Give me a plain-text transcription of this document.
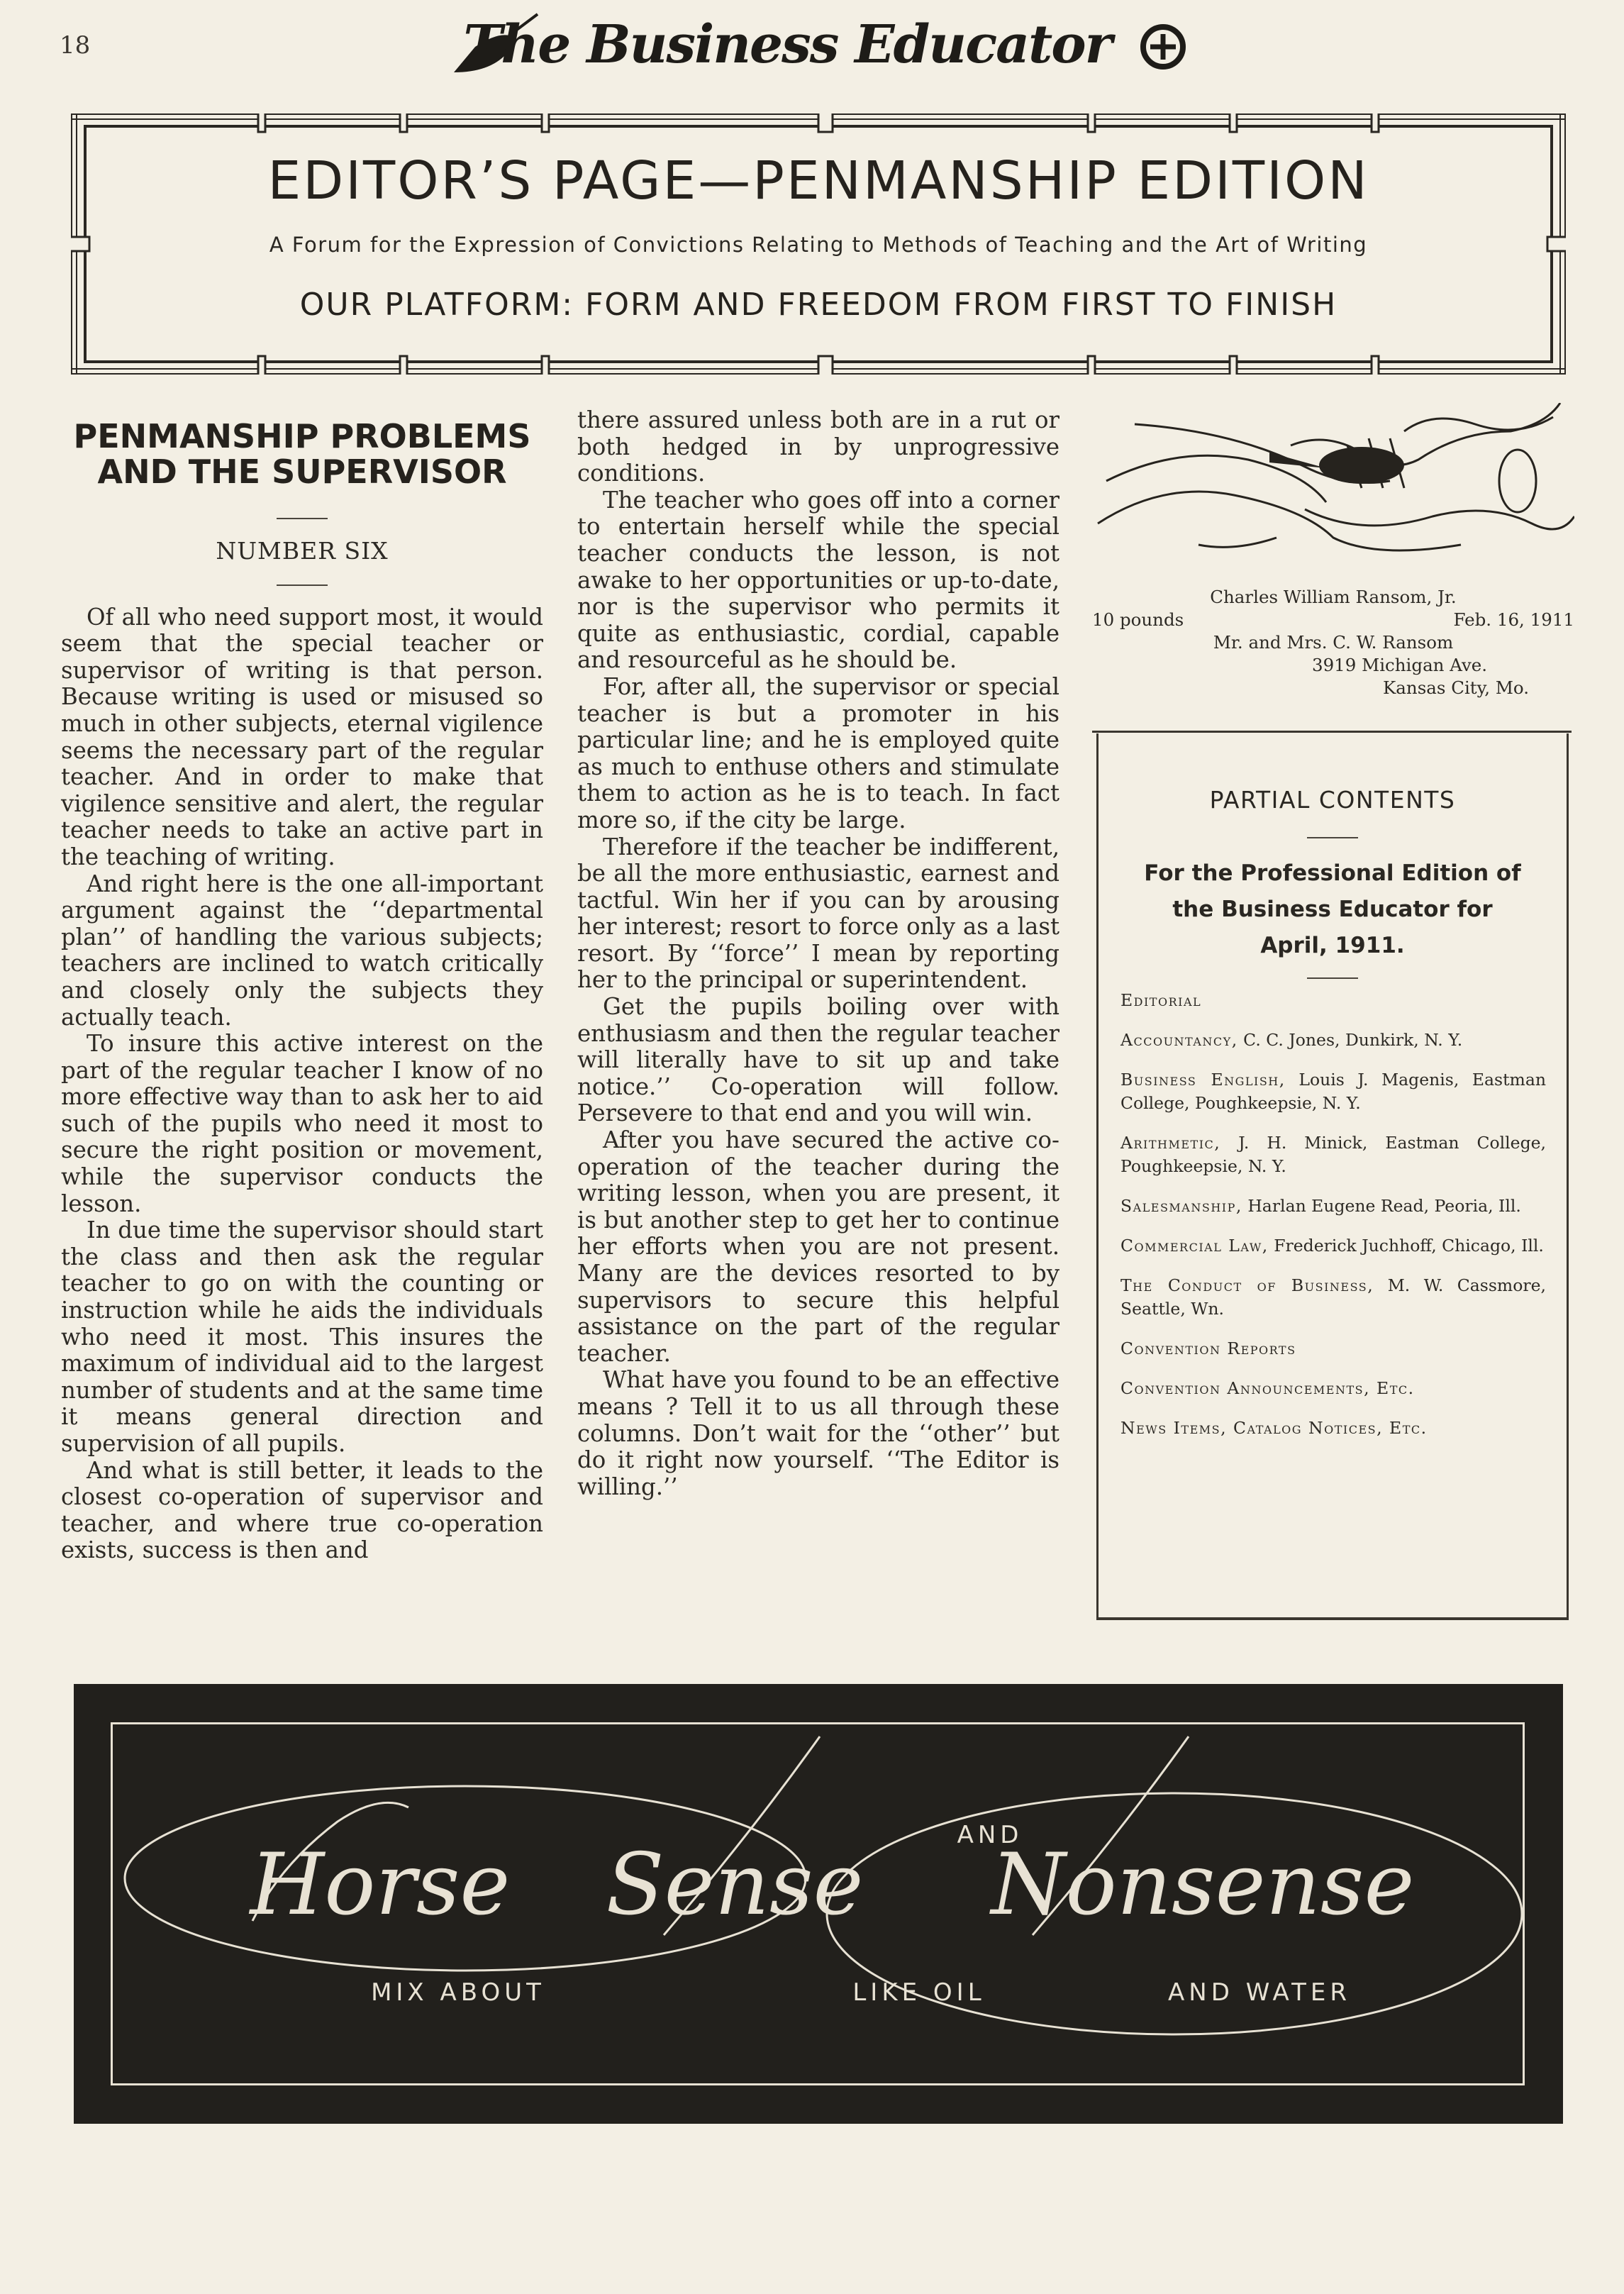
18	The Business Educator
EDITOR’S PAGE—PENMANSHIP EDITION
A Forum for the Expression of Convictions Relating to Methods of Teaching and the Art of Writing
OUR PLATFORM: FORM AND FREEDOM FROM FIRST TO FINISH
PENMANSHIP PROBLEMS
AND THE SUPERVISOR
NUMBER SIX

Of all who need support most, it would seem that the special teacher or supervisor of writing is that person. Because writing is used or misused so much in other subjects, eternal vigilence seems the necessary part of the regular teacher. And in order to make that vigilence sensitive and alert, the regular teacher needs to take an active part in the teaching of writing.

And right here is the one all-important argument against the ‘‘departmental plan’’ of handling the various subjects; teachers are inclined to watch critically and closely only the subjects they actually teach.

To insure this active interest on the part of the regular teacher I know of no more effective way than to ask her to aid such of the pupils who need it most to secure the right position or movement, while the supervisor conducts the lesson.

In due time the supervisor should start the class and then ask the regular teacher to go on with the counting or instruction while he aids the individuals who need it most. This insures the maximum of individual aid to the largest number of students and at the same time it means general direction and supervision of all pupils.

And what is still better, it leads to the closest co-operation of supervisor and teacher, and where true co-operation exists, success is then and

there assured unless both are in a rut or both hedged in by unprogressive conditions.

The teacher who goes off into a corner to entertain herself while the special teacher conducts the lesson, is not awake to her opportunities or up-to-date, nor is the supervisor who permits it quite as enthusiastic, cordial, capable and resourceful as he should be.

For, after all, the supervisor or special teacher is but a promoter in his particular line; and he is employed quite as much to enthuse others and stimulate them to action as he is to teach. In fact more so, if the city be large.

Therefore if the teacher be indifferent, be all the more enthusiastic, earnest and tactful. Win her if you can by arousing her interest; resort to force only as a last resort. By ‘‘force’’ I mean by reporting her to the principal or superintendent.

Get the pupils boiling over with enthusiasm and then the regular teacher will literally have to sit up and take notice.’’ Co-operation will follow. Persevere to that end and you will win.

After you have secured the active co-operation of the teacher during the writing lesson, when you are present, it is but another step to get her to continue her efforts when you are not present. Many are the devices resorted to by supervisors to secure this helpful assistance on the part of the regular teacher.

What have you found to be an effective means ? Tell it to us all through these columns. Don’t wait for the ‘‘other’’ but do it right now yourself. ‘‘The Editor is willing.’’

Charles William Ransom, Jr.
10 pounds	Feb. 16, 1911
Mr. and Mrs. C. W. Ransom
3919 Michigan Ave.
Kansas City, Mo.
PARTIAL CONTENTS
For the Professional Edition of
the Business Educator for
April, 1911.
Editorial
Accountancy, C. C. Jones, Dunkirk, N. Y.
Business English, Louis J. Magenis, Eastman College, Poughkeepsie, N. Y.
Arithmetic, J. H. Minick, Eastman College, Poughkeepsie, N. Y.
Salesmanship, Harlan Eugene Read, Peoria, Ill.
Commercial Law, Frederick Juchhoff, Chicago, Ill.
The Conduct of Business, M. W. Cassmore, Seattle, Wn.
Convention Reports
Convention Announcements, Etc.
News Items, Catalog Notices, Etc.
Horse Sense Nonsense
AND
MIX ABOUT	LIKE OIL	AND WATER
